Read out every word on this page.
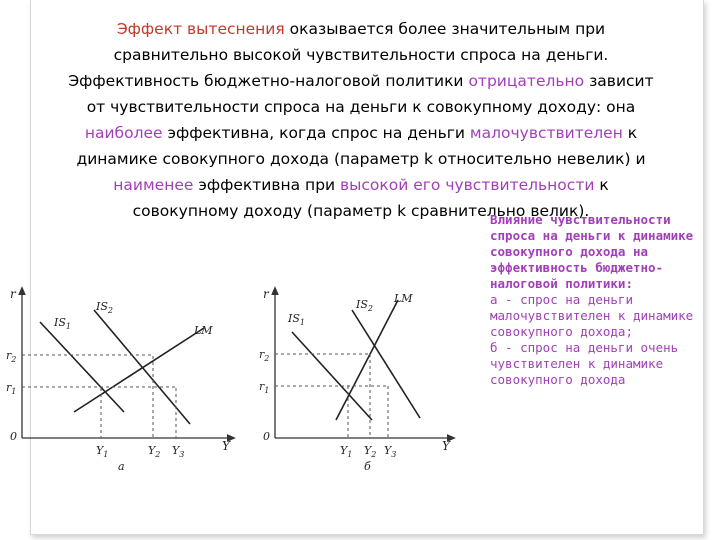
Эффект вытеснения оказывается более значительным при сравнительно высокой чувствительности спроса на деньги. Эффективность бюджетно-налоговой политики отрицательно зависит от чувствительности спроса на деньги к совокупному доходу: она наиболее эффективна, когда спрос на деньги малочувствителен к динамике совокупного дохода (параметр k относительно невелик) и наименее эффективна при высокой его чувствительности к совокупному доходу (параметр k сравнительно велик).

Влияние чувствительности спроса на деньги к динамике совокупного дохода на эффективность бюджетно-налоговой политики:
а - спрос на деньги малочувствителен к динамике совокупного дохода;
б - спрос на деньги очень чувствителен к динамике совокупного дохода
r
Y
0
$r_2$
$r_1$
$IS_1$
$IS_2$
LM
$Y_1$	$Y_2$ $Y_3$
а
r
Y
0
$r_2$
$r_1$
$IS_1$
$IS_2$
LM
$Y_1$ $Y_2$ $Y_3$
б
